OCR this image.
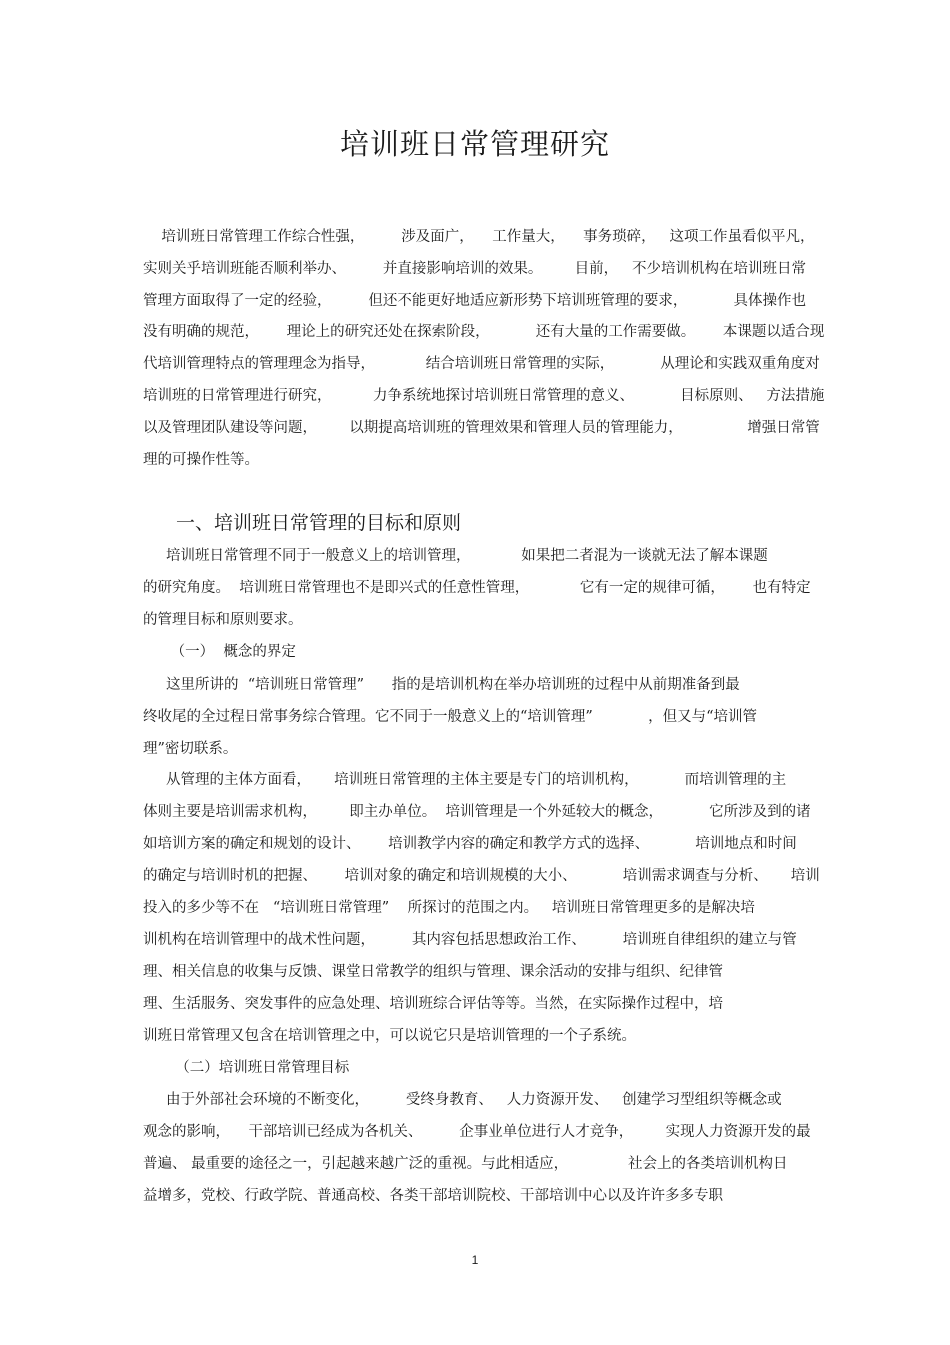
培训班日常管理研究
培训班日常管理工作综合性强，        涉及面广，    工作量大，    事务琐碎，   这项工作虽看似平凡，
实则关乎培训班能否顺利举办、        并直接影响培训的效果。       目前，   不少培训机构在培训班日常
管理方面取得了一定的经验，        但还不能更好地适应新形势下培训班管理的要求，          具体操作也
没有明确的规范，      理论上的研究还处在探索阶段，          还有大量的工作需要做。      本课题以适合现
代培训管理特点的管理理念为指导，           结合培训班日常管理的实际，          从理论和实践双重角度对
培训班的日常管理进行研究，         力争系统地探讨培训班日常管理的意义、          目标原则、   方法措施
以及管理团队建设等问题，       以期提高培训班的管理效果和管理人员的管理能力，              增强日常管
理的可操作性等。
一、培训班日常管理的目标和原则
培训班日常管理不同于一般意义上的培训管理，           如果把二者混为一谈就无法了解本课题
的研究角度。  培训班日常管理也不是即兴式的任意性管理，           它有一定的规律可循，      也有特定
的管理目标和原则要求。
（一）  概念的界定
这里所讲的  “培训班日常管理”      指的是培训机构在举办培训班的过程中从前期准备到最
终收尾的全过程日常事务综合管理。它不同于一般意义上的“培训管理”            ，但又与“培训管
理”密切联系。
从管理的主体方面看，     培训班日常管理的主体主要是专门的培训机构，          而培训管理的主
体则主要是培训需求机构，       即主办单位。  培训管理是一个外延较大的概念，          它所涉及到的诸
如培训方案的确定和规划的设计、      培训教学内容的确定和教学方式的选择、          培训地点和时间
的确定与培训时机的把握、      培训对象的确定和培训规模的大小、          培训需求调查与分析、     培训
投入的多少等不在   “培训班日常管理”    所探讨的范围之内。   培训班日常管理更多的是解决培
训机构在培训管理中的战术性问题，        其内容包括思想政治工作、        培训班自律组织的建立与管
理、相关信息的收集与反馈、课堂日常教学的组织与管理、课余活动的安排与组织、纪律管
理、生活服务、突发事件的应急处理、培训班综合评估等等。当然，在实际操作过程中，培
训班日常管理又包含在培训管理之中，可以说它只是培训管理的一个子系统。
（二）培训班日常管理目标
由于外部社会环境的不断变化，        受终身教育、   人力资源开发、   创建学习型组织等概念或
观念的影响，    干部培训已经成为各机关、        企事业单位进行人才竞争，       实现人力资源开发的最
普遍、 最重要的途径之一，引起越来越广泛的重视。与此相适应，             社会上的各类培训机构日
益增多，党校、行政学院、普通高校、各类干部培训院校、干部培训中心以及许许多多专职
1
